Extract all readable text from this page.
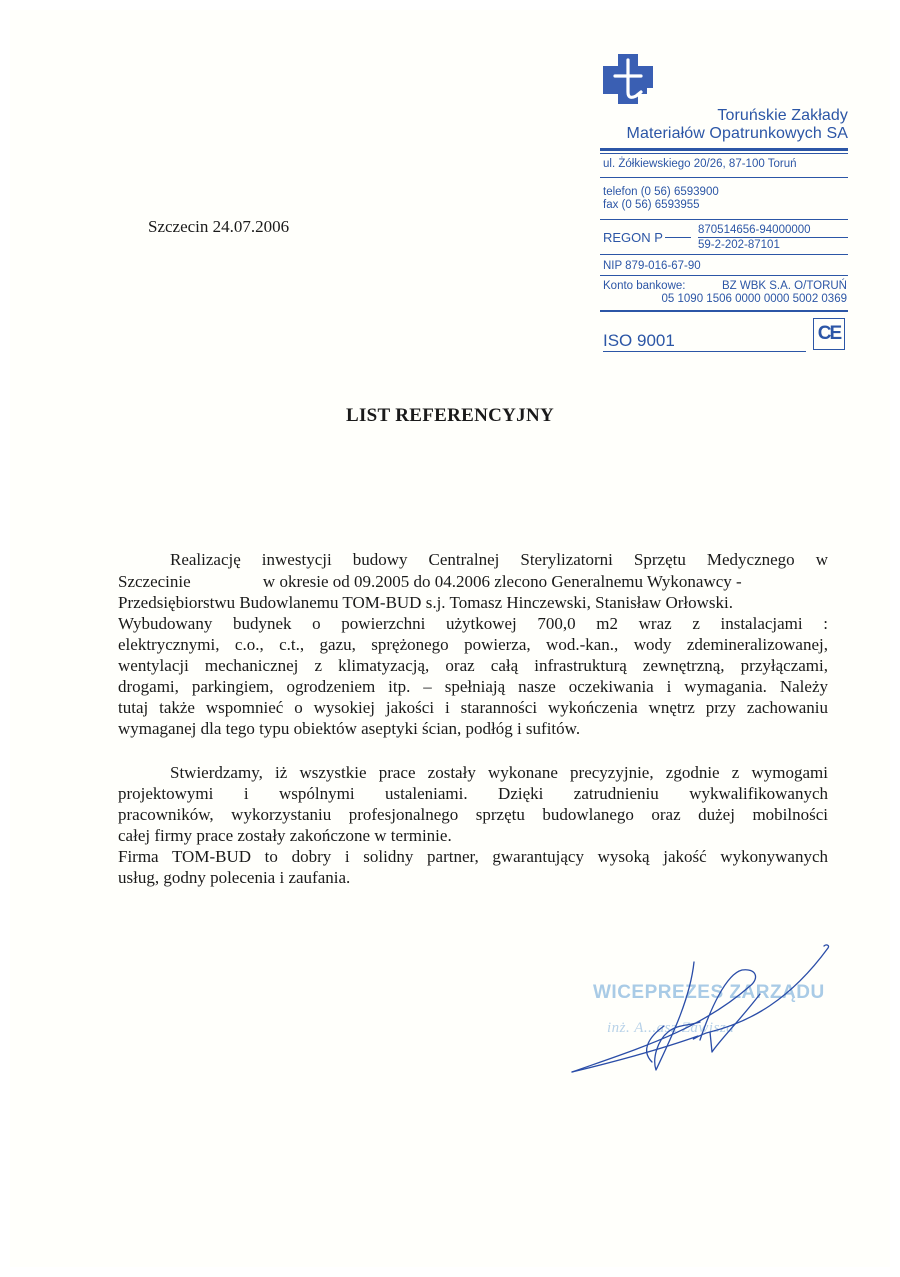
Toruńskie Zakłady
Materiałów Opatrunkowych SA
ul. Żółkiewskiego 20/26, 87-100 Toruń
telefon (0 56) 6593900
fax (0 56) 6593955
REGON P	870514656-94000000
59-2-202-87101
NIP 879-016-67-90
Konto bankowe:	BZ WBK S.A. O/TORUŃ
05 1090 1506 0000 0000 5002 0369
ISO 9001	CE
Szczecin 24.07.2006
LIST REFERENCYJNY
Realizację inwestycji budowy Centralnej Sterylizatorni Sprzętu Medycznego w
Szczecinie                 w okresie od 09.2005 do 04.2006 zlecono Generalnemu Wykonawcy -
Przedsiębiorstwu Budowlanemu TOM-BUD s.j. Tomasz Hinczewski, Stanisław Orłowski.
Wybudowany budynek o powierzchni użytkowej 700,0 m2 wraz z instalacjami :
elektrycznymi, c.o., c.t., gazu, sprężonego powierza, wod.-kan., wody zdemineralizowanej,
wentylacji mechanicznej z klimatyzacją, oraz całą infrastrukturą zewnętrzną, przyłączami,
drogami, parkingiem, ogrodzeniem itp. – spełniają nasze oczekiwania i wymagania. Należy
tutaj także wspomnieć o wysokiej jakości i staranności wykończenia wnętrz przy zachowaniu
wymaganej dla tego typu obiektów aseptyki ścian, podłóg i sufitów.
Stwierdzamy, iż wszystkie prace zostały wykonane precyzyjnie, zgodnie z wymogami
projektowymi i wspólnymi ustaleniami. Dzięki zatrudnieniu wykwalifikowanych
pracowników, wykorzystaniu profesjonalnego sprzętu budowlanego oraz dużej mobilności
całej firmy prace zostały zakończone w terminie.
Firma TOM-BUD to dobry i solidny partner, gwarantujący wysoką jakość wykonywanych
usług, godny polecenia i zaufania.
WICEPREZES ZARZĄDU
inż. A...asz Zawisza
